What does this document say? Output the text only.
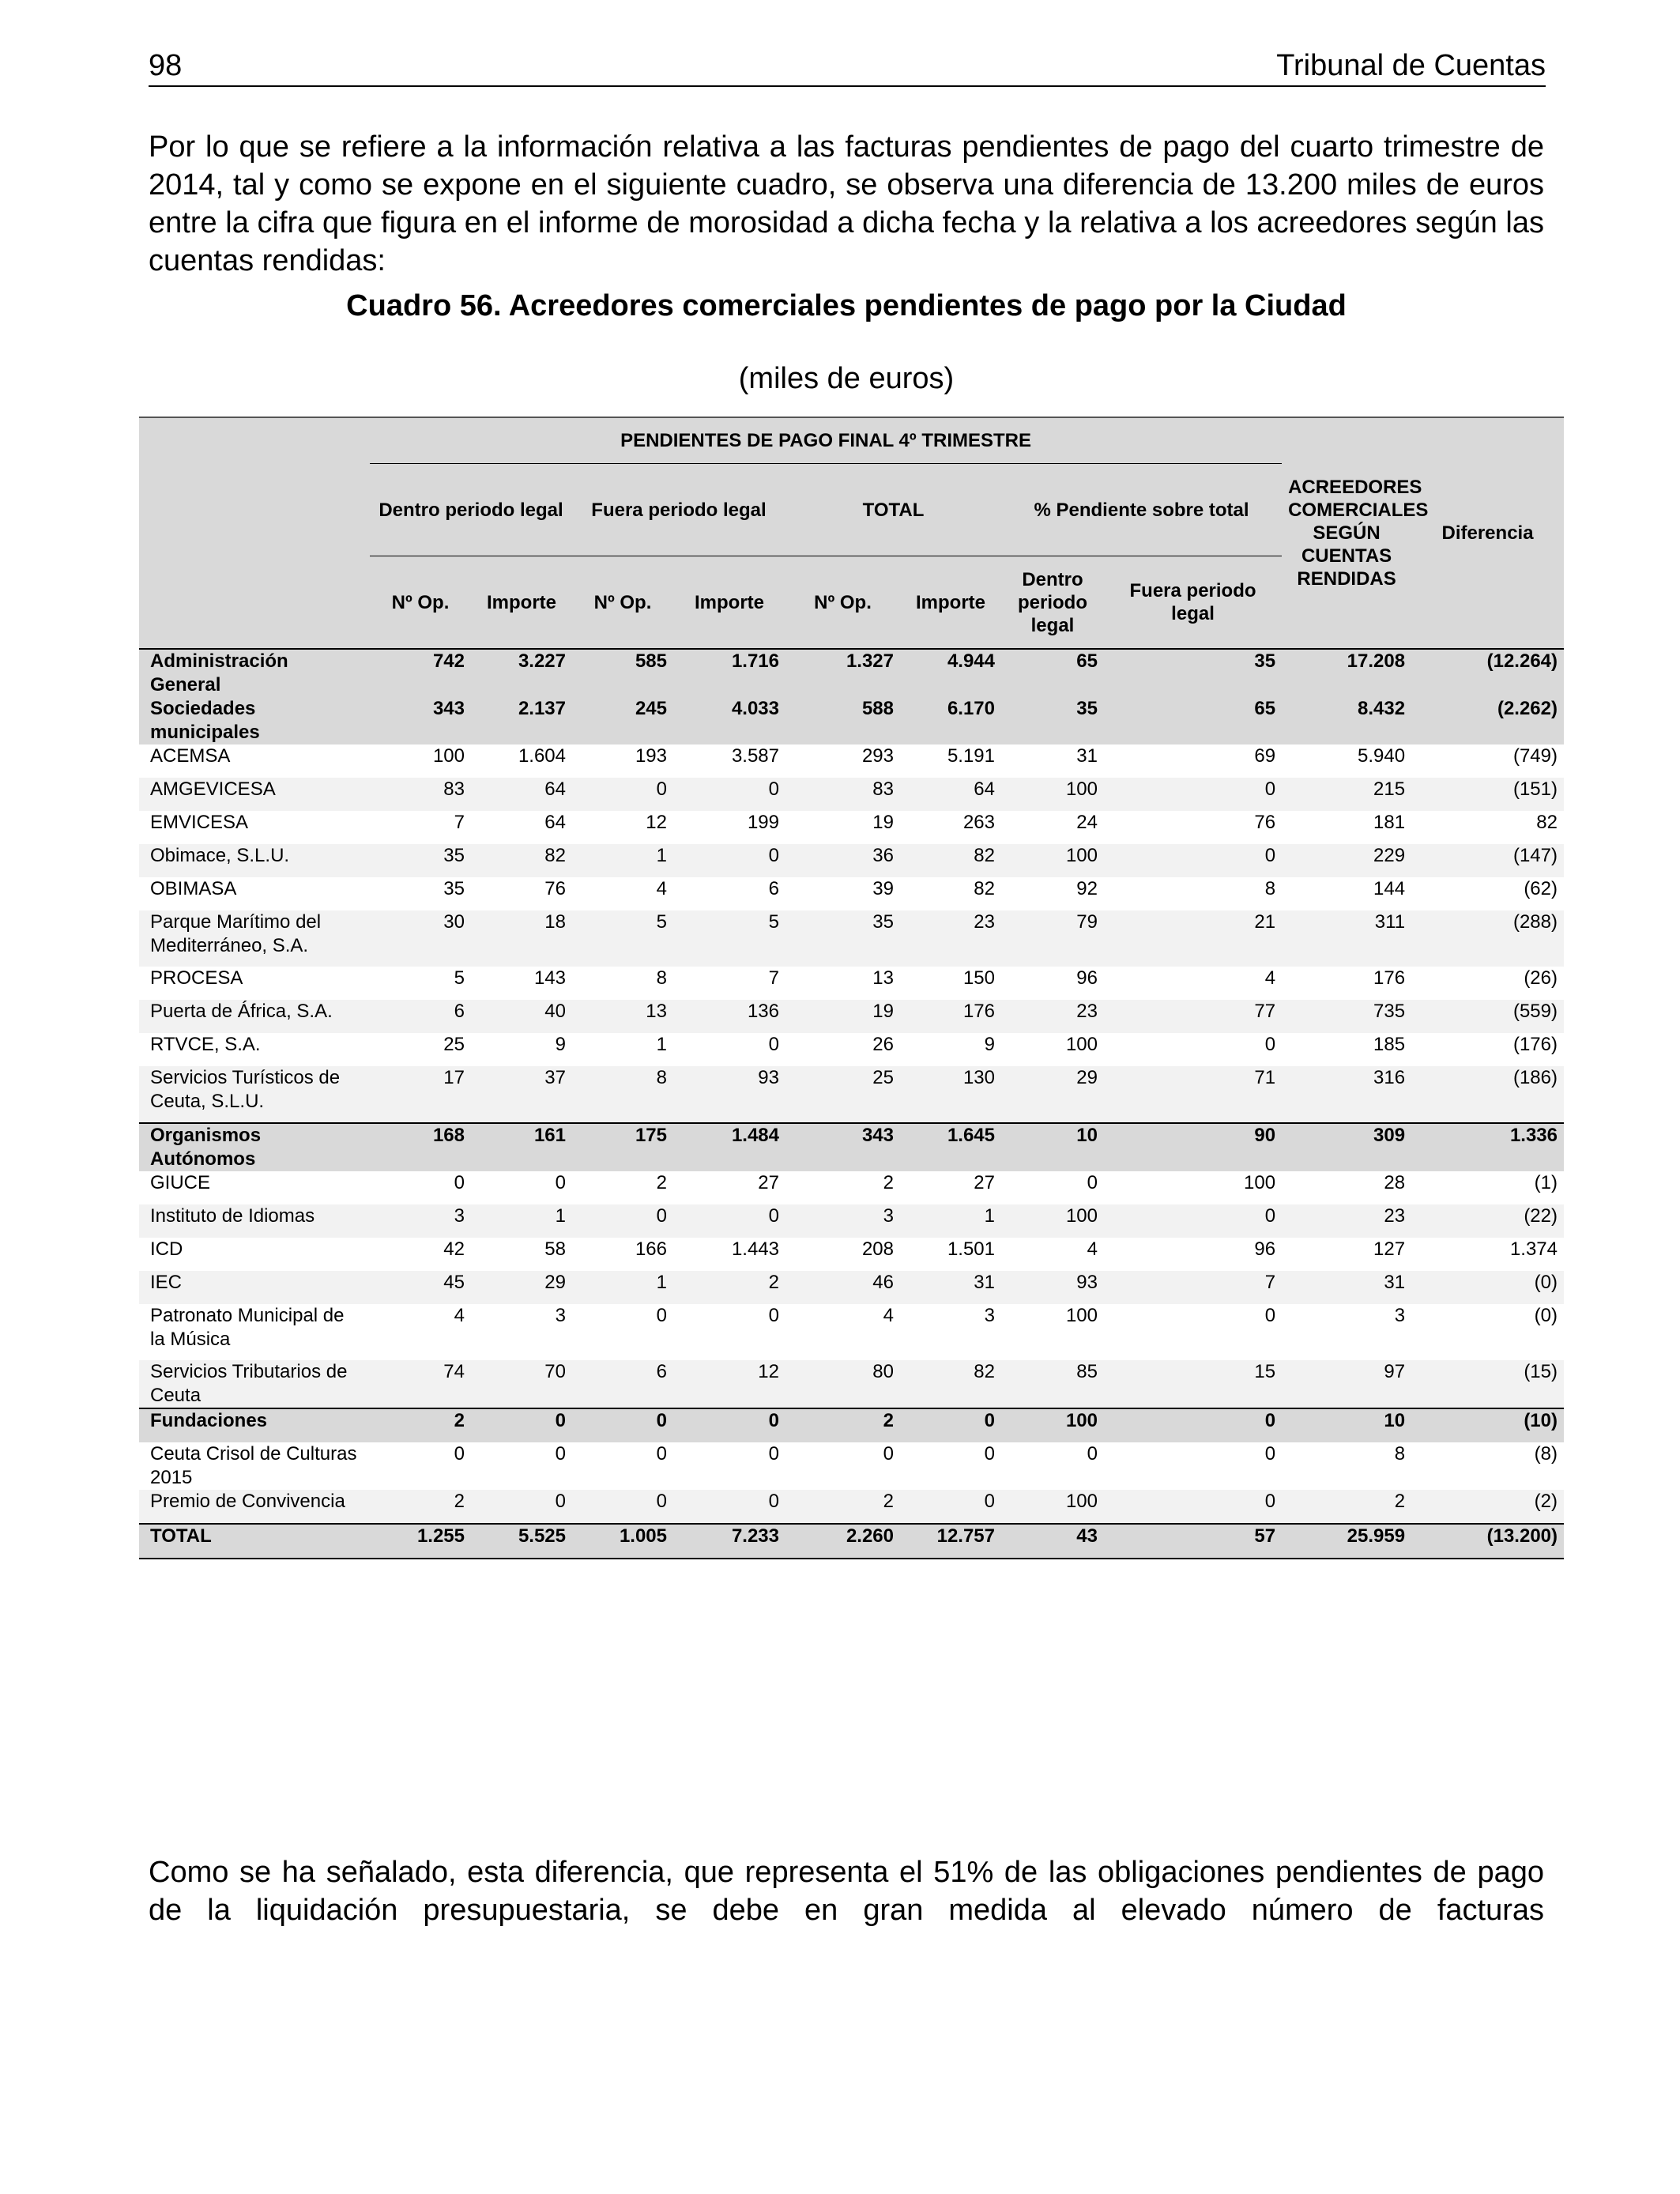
98	Tribunal de Cuentas

Por lo que se refiere a la información relativa a las facturas pendientes de pago del cuarto trimestre de 2014, tal y como se expone en el siguiente cuadro, se observa una diferencia de 13.200 miles de euros entre la cifra que figura en el informe de morosidad a dicha fecha y la relativa a los acreedores según las cuentas rendidas:

Cuadro 56. Acreedores comerciales pendientes de pago por la Ciudad
(miles de euros)
	PENDIENTES DE PAGO FINAL 4º TRIMESTRE								ACREEDORES COMERCIALES SEGÚN CUENTAS RENDIDAS	Diferencia
	Dentro periodo legal		Fuera periodo legal		TOTAL		% Pendiente sobre total			
	Nº Op.	Importe	Nº Op.	Importe	Nº Op.	Importe	Dentro periodo legal	Fuera periodo legal		
Administración General	742	3.227	585	1.716	1.327	4.944	65	35	17.208	(12.264)
Sociedades municipales	343	2.137	245	4.033	588	6.170	35	65	8.432	(2.262)
ACEMSA	100	1.604	193	3.587	293	5.191	31	69	5.940	(749)
AMGEVICESA	83	64	0	0	83	64	100	0	215	(151)
EMVICESA	7	64	12	199	19	263	24	76	181	82
Obimace, S.L.U.	35	82	1	0	36	82	100	0	229	(147)
OBIMASA	35	76	4	6	39	82	92	8	144	(62)
Parque Marítimo del Mediterráneo, S.A.	30	18	5	5	35	23	79	21	311	(288)
PROCESA	5	143	8	7	13	150	96	4	176	(26)
Puerta de África, S.A.	6	40	13	136	19	176	23	77	735	(559)
RTVCE, S.A.	25	9	1	0	26	9	100	0	185	(176)
Servicios Turísticos de Ceuta, S.L.U.	17	37	8	93	25	130	29	71	316	(186)
Organismos Autónomos	168	161	175	1.484	343	1.645	10	90	309	1.336
GIUCE	0	0	2	27	2	27	0	100	28	(1)
Instituto de Idiomas	3	1	0	0	3	1	100	0	23	(22)
ICD	42	58	166	1.443	208	1.501	4	96	127	1.374
IEC	45	29	1	2	46	31	93	7	31	(0)
Patronato Municipal de la Música	4	3	0	0	4	3	100	0	3	(0)
Servicios Tributarios de Ceuta	74	70	6	12	80	82	85	15	97	(15)
Fundaciones	2	0	0	0	2	0	100	0	10	(10)
Ceuta Crisol de Culturas 2015	0	0	0	0	0	0	0	0	8	(8)
Premio de Convivencia	2	0	0	0	2	0	100	0	2	(2)
TOTAL	1.255	5.525	1.005	7.233	2.260	12.757	43	57	25.959	(13.200)

Como se ha señalado, esta diferencia, que representa el 51% de las obligaciones pendientes de pago de la liquidación presupuestaria, se debe en gran medida al elevado número de facturas
